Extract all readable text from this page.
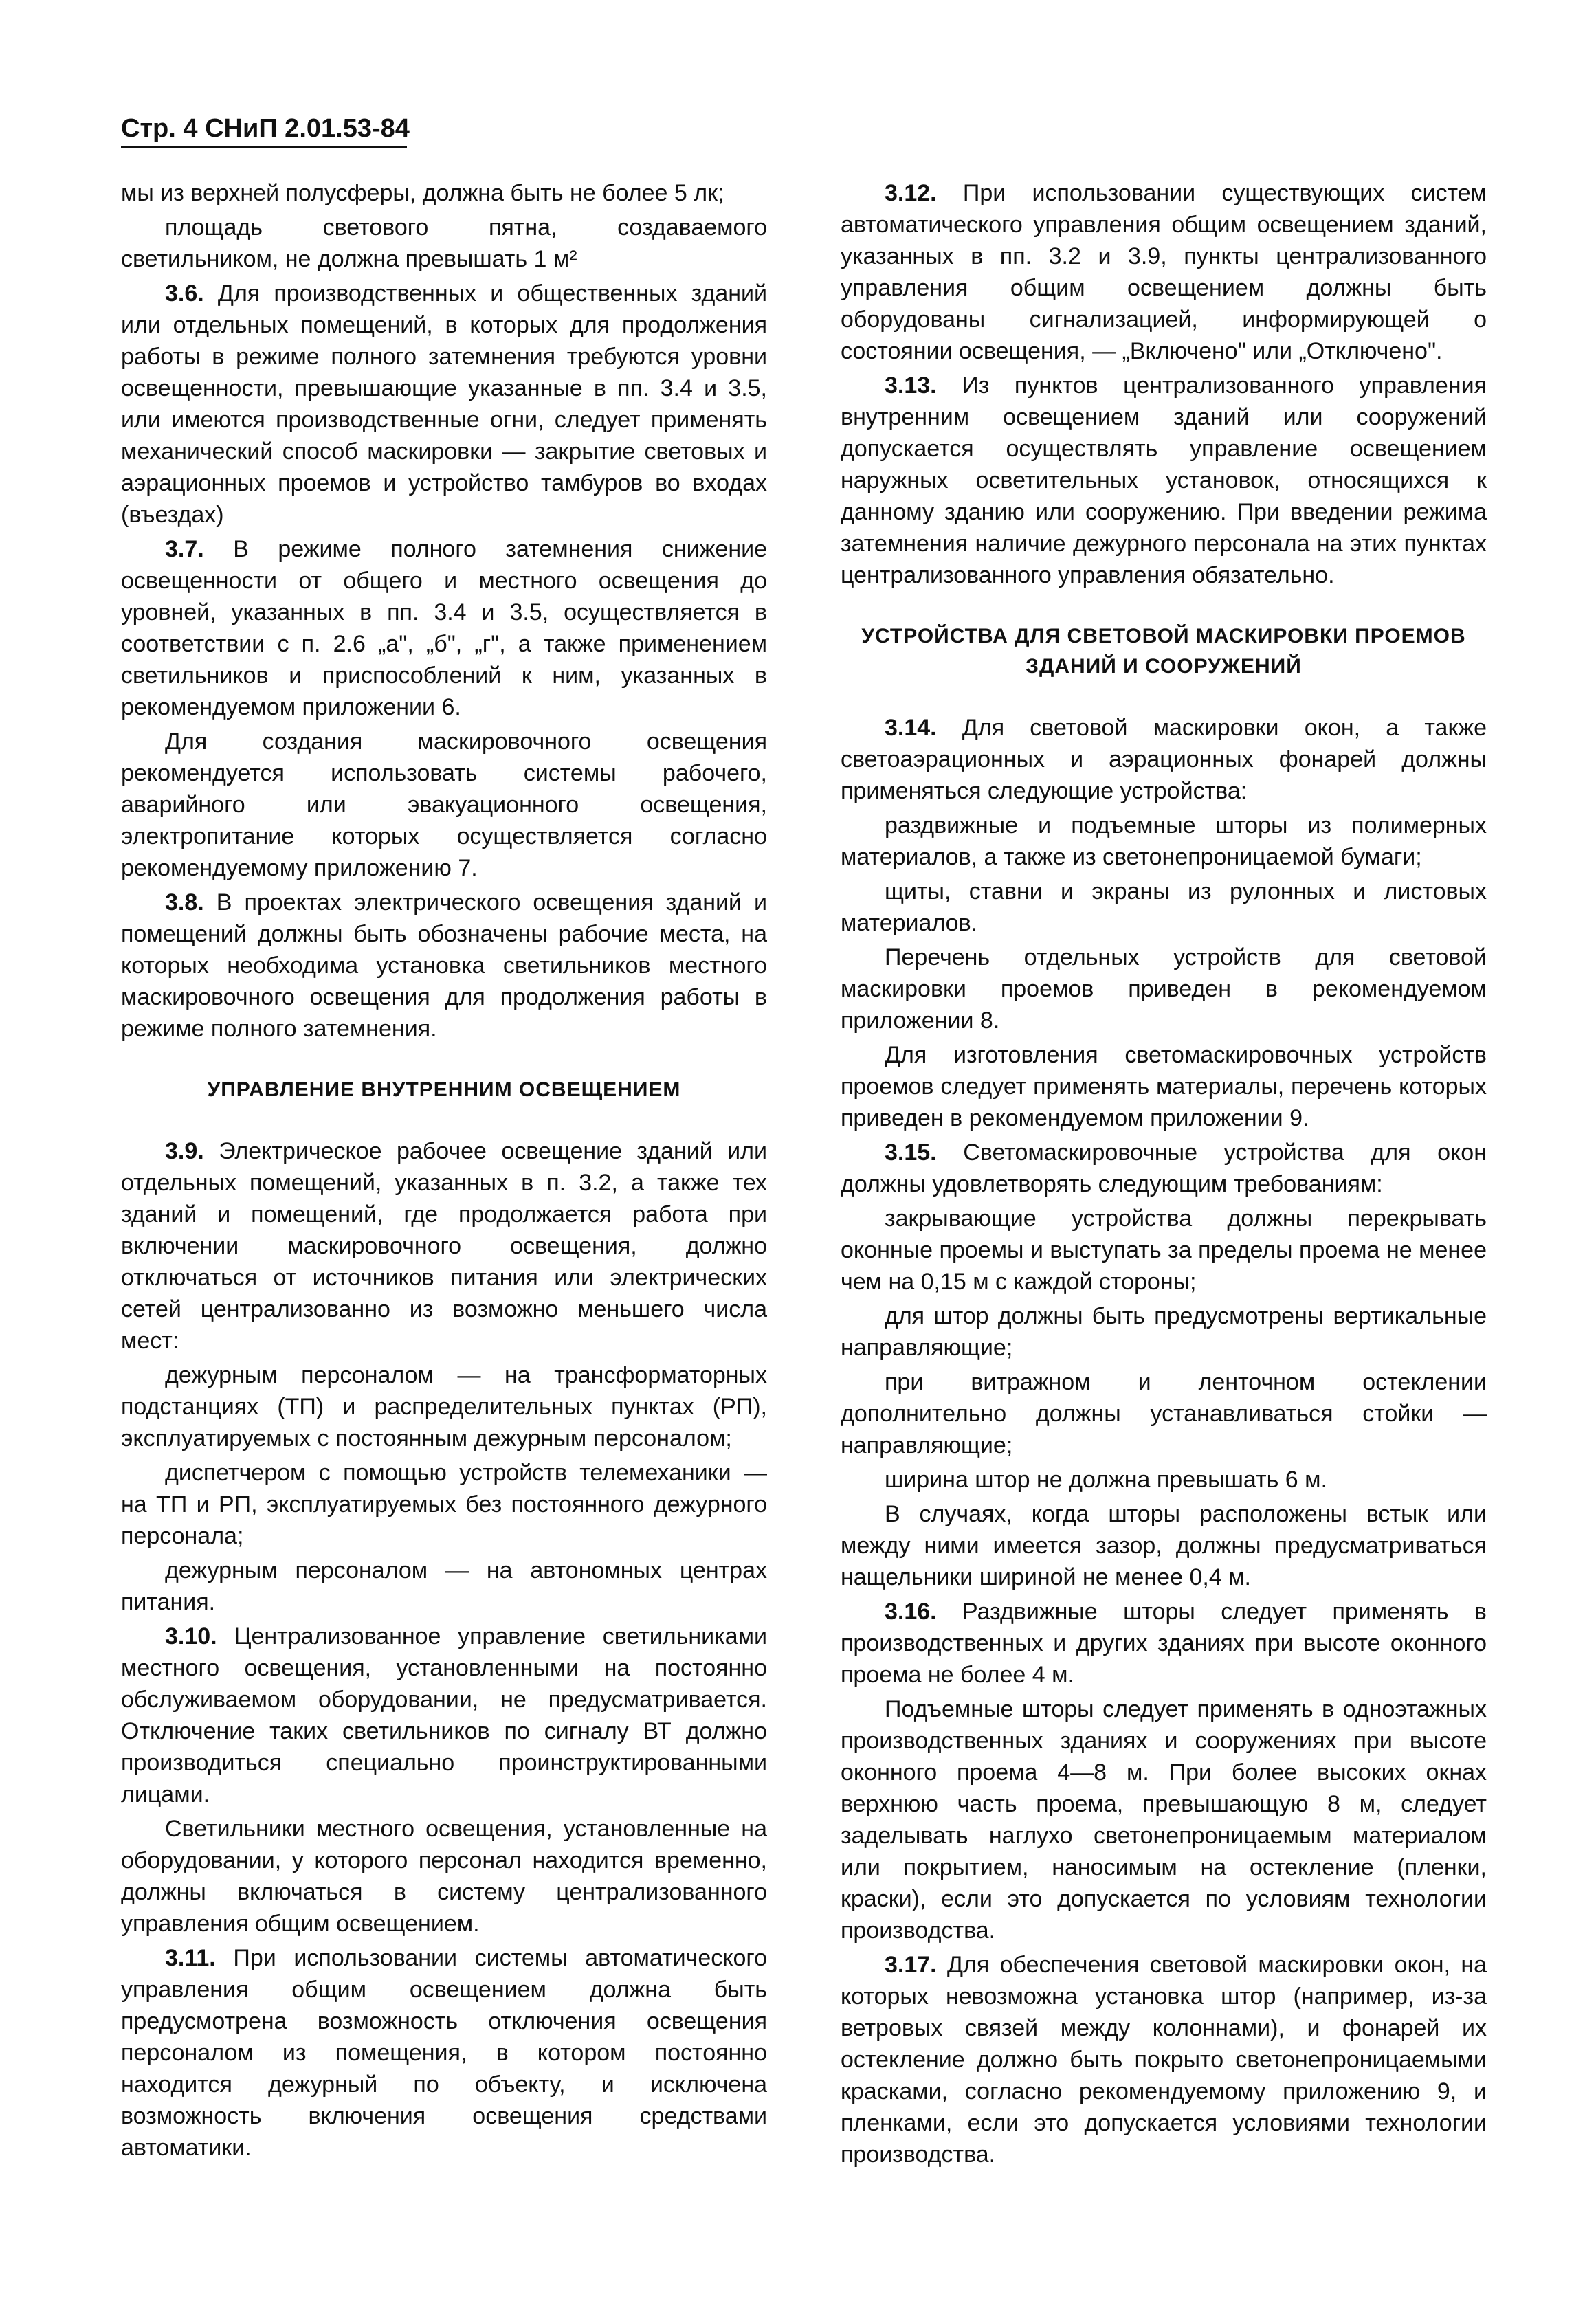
Стр. 4 СНиП 2.01.53-84

мы из верхней полусферы, должна быть не более 5 лк;

площадь светового пятна, создаваемого светильником, не должна превышать 1 м²

3.6. Для производственных и общественных зданий или отдельных помещений, в которых для продолжения работы в режиме полного затемнения требуются уровни освещенности, превышающие указанные в пп. 3.4 и 3.5, или имеются производственные огни, следует применять механический способ маскировки — закрытие световых и аэрационных проемов и устройство тамбуров во входах (въездах)

3.7. В режиме полного затемнения снижение освещенности от общего и местного освещения до уровней, указанных в пп. 3.4 и 3.5, осуществляется в соответствии с п. 2.6 „а", „б", „г", а также применением светильников и приспособлений к ним, указанных в рекомендуемом приложении 6.

Для создания маскировочного освещения рекомендуется использовать системы рабочего, аварийного или эвакуационного освещения, электропитание которых осуществляется согласно рекомендуемому приложению 7.

3.8. В проектах электрического освещения зданий и помещений должны быть обозначены рабочие места, на которых необходима установка светильников местного маскировочного освещения для продолжения работы в режиме полного затемнения.

УПРАВЛЕНИЕ ВНУТРЕННИМ ОСВЕЩЕНИЕМ

3.9. Электрическое рабочее освещение зданий или отдельных помещений, указанных в п. 3.2, а также тех зданий и помещений, где продолжается работа при включении маскировочного освещения, должно отключаться от источников питания или электрических сетей централизованно из возможно меньшего числа мест:

дежурным персоналом — на трансформаторных подстанциях (ТП) и распределительных пунктах (РП), эксплуатируемых с постоянным дежурным персоналом;

диспетчером с помощью устройств телемеханики — на ТП и РП, эксплуатируемых без постоянного дежурного персонала;

дежурным персоналом — на автономных центрах питания.

3.10. Централизованное управление светильниками местного освещения, установленными на постоянно обслуживаемом оборудовании, не предусматривается. Отключение таких светильников по сигналу ВТ должно производиться специально проинструктированными лицами.

Светильники местного освещения, установленные на оборудовании, у которого персонал находится временно, должны включаться в систему централизованного управления общим освещением.

3.11. При использовании системы автоматического управления общим освещением должна быть предусмотрена возможность отключения освещения персоналом из помещения, в котором постоянно находится дежурный по объекту, и исключена возможность включения освещения средствами автоматики.

3.12. При использовании существующих систем автоматического управления общим освещением зданий, указанных в пп. 3.2 и 3.9, пункты централизованного управления общим освещением должны быть оборудованы сигнализацией, информирующей о состоянии освещения, — „Включено" или „Отключено".

3.13. Из пунктов централизованного управления внутренним освещением зданий или сооружений допускается осуществлять управление освещением наружных осветительных установок, относящихся к данному зданию или сооружению. При введении режима затемнения наличие дежурного персонала на этих пунктах централизованного управления обязательно.

УСТРОЙСТВА ДЛЯ СВЕТОВОЙ МАСКИРОВКИ ПРОЕМОВ ЗДАНИЙ И СООРУЖЕНИЙ

3.14. Для световой маскировки окон, а также светоаэрационных и аэрационных фонарей должны применяться следующие устройства:

раздвижные и подъемные шторы из полимерных материалов, а также из светонепроницаемой бумаги;

щиты, ставни и экраны из рулонных и листовых материалов.

Перечень отдельных устройств для световой маскировки проемов приведен в рекомендуемом приложении 8.

Для изготовления светомаскировочных устройств проемов следует применять материалы, перечень которых приведен в рекомендуемом приложении 9.

3.15. Светомаскировочные устройства для окон должны удовлетворять следующим требованиям:

закрывающие устройства должны перекрывать оконные проемы и выступать за пределы проема не менее чем на 0,15 м с каждой стороны;

для штор должны быть предусмотрены вертикальные направляющие;

при витражном и ленточном остеклении дополнительно должны устанавливаться стойки — направляющие;

ширина штор не должна превышать 6 м.

В случаях, когда шторы расположены встык или между ними имеется зазор, должны предусматриваться нащельники шириной не менее 0,4 м.

3.16. Раздвижные шторы следует применять в производственных и других зданиях при высоте оконного проема не более 4 м.

Подъемные шторы следует применять в одноэтажных производственных зданиях и сооружениях при высоте оконного проема 4—8 м. При более высоких окнах верхнюю часть проема, превышающую 8 м, следует заделывать наглухо светонепроницаемым материалом или покрытием, наносимым на остекление (пленки, краски), если это допускается по условиям технологии производства.

3.17. Для обеспечения световой маскировки окон, на которых невозможна установка штор (например, из-за ветровых связей между колоннами), и фонарей их остекление должно быть покрыто светонепроницаемыми красками, согласно рекомендуемому приложению 9, и пленками, если это допускается условиями технологии производства.
